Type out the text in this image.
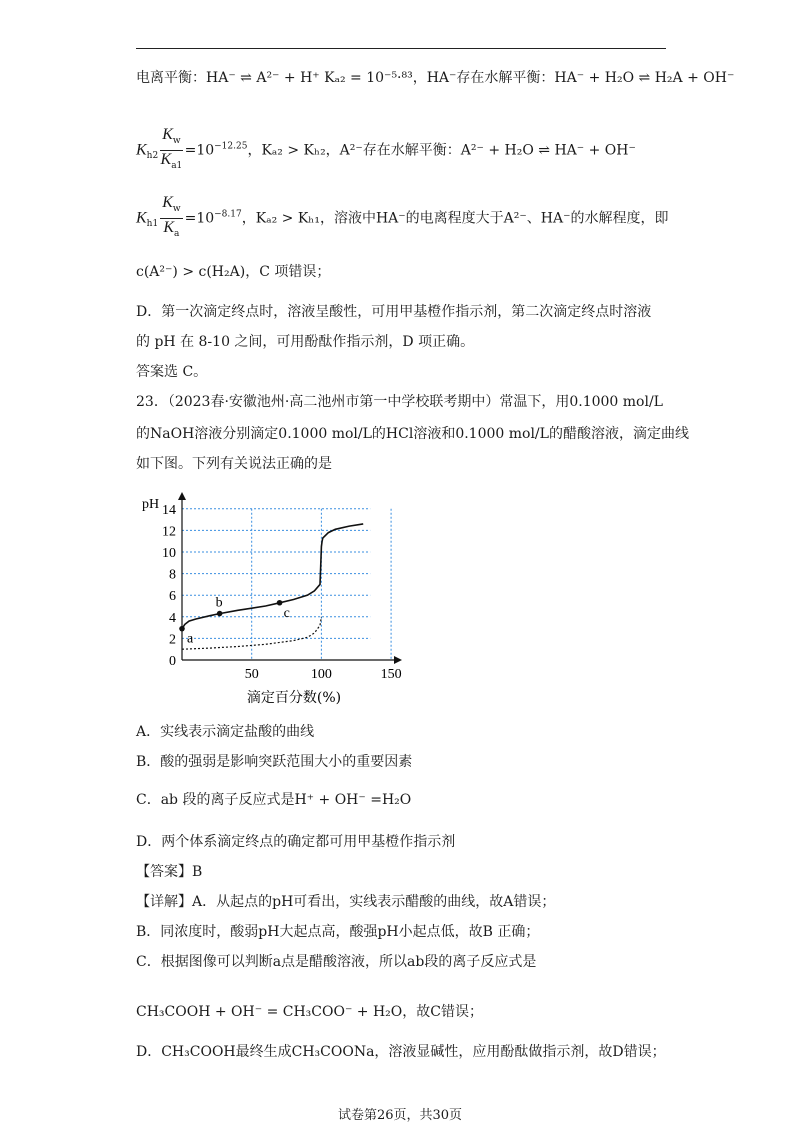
电离平衡：HA⁻ ⇌ A²⁻ + H⁺ Kₐ₂ = 10⁻⁵·⁸³，HA⁻存在水解平衡：HA⁻ + H₂O ⇌ H₂A + OH⁻
$K_{h2} \frac{K_w}{K_{a1}} =10^{-12.25}$，Kₐ₂ > Kₕ₂，A²⁻存在水解平衡：A²⁻ + H₂O ⇌ HA⁻ + OH⁻
$K_{h1} \frac{K_w}{K_a} =10^{-8.17}$，Kₐ₂ > Kₕ₁，溶液中HA⁻的电离程度大于A²⁻、HA⁻的水解程度，即
c(A²⁻) > c(H₂A)，C 项错误；
D．第一次滴定终点时，溶液呈酸性，可用甲基橙作指示剂，第二次滴定终点时溶液
的 pH 在 8-10 之间，可用酚酞作指示剂，D 项正确。
答案选 C。
23．（2023春·安徽池州·高二池州市第一中学校联考期中）常温下，用0.1000 mol/L
的NaOH溶液分别滴定0.1000 mol/L的HCl溶液和0.1000 mol/L的醋酸溶液，滴定曲线
如下图。下列有关说法正确的是
0
2
4
6
8
10
12
14
50	100	150
pH
滴定百分数(%)
a
b
c
A．实线表示滴定盐酸的曲线
B．酸的强弱是影响突跃范围大小的重要因素
C．ab 段的离子反应式是H⁺ + OH⁻ =H₂O
D．两个体系滴定终点的确定都可用甲基橙作指示剂
【答案】B
【详解】A．从起点的pH可看出，实线表示醋酸的曲线，故A错误；
B．同浓度时，酸弱pH大起点高，酸强pH小起点低，故B 正确；
C．根据图像可以判断a点是醋酸溶液，所以ab段的离子反应式是
CH₃COOH + OH⁻ = CH₃COO⁻ + H₂O，故C错误；
D．CH₃COOH最终生成CH₃COONa，溶液显碱性，应用酚酞做指示剂，故D错误；
试卷第26页，共30页
